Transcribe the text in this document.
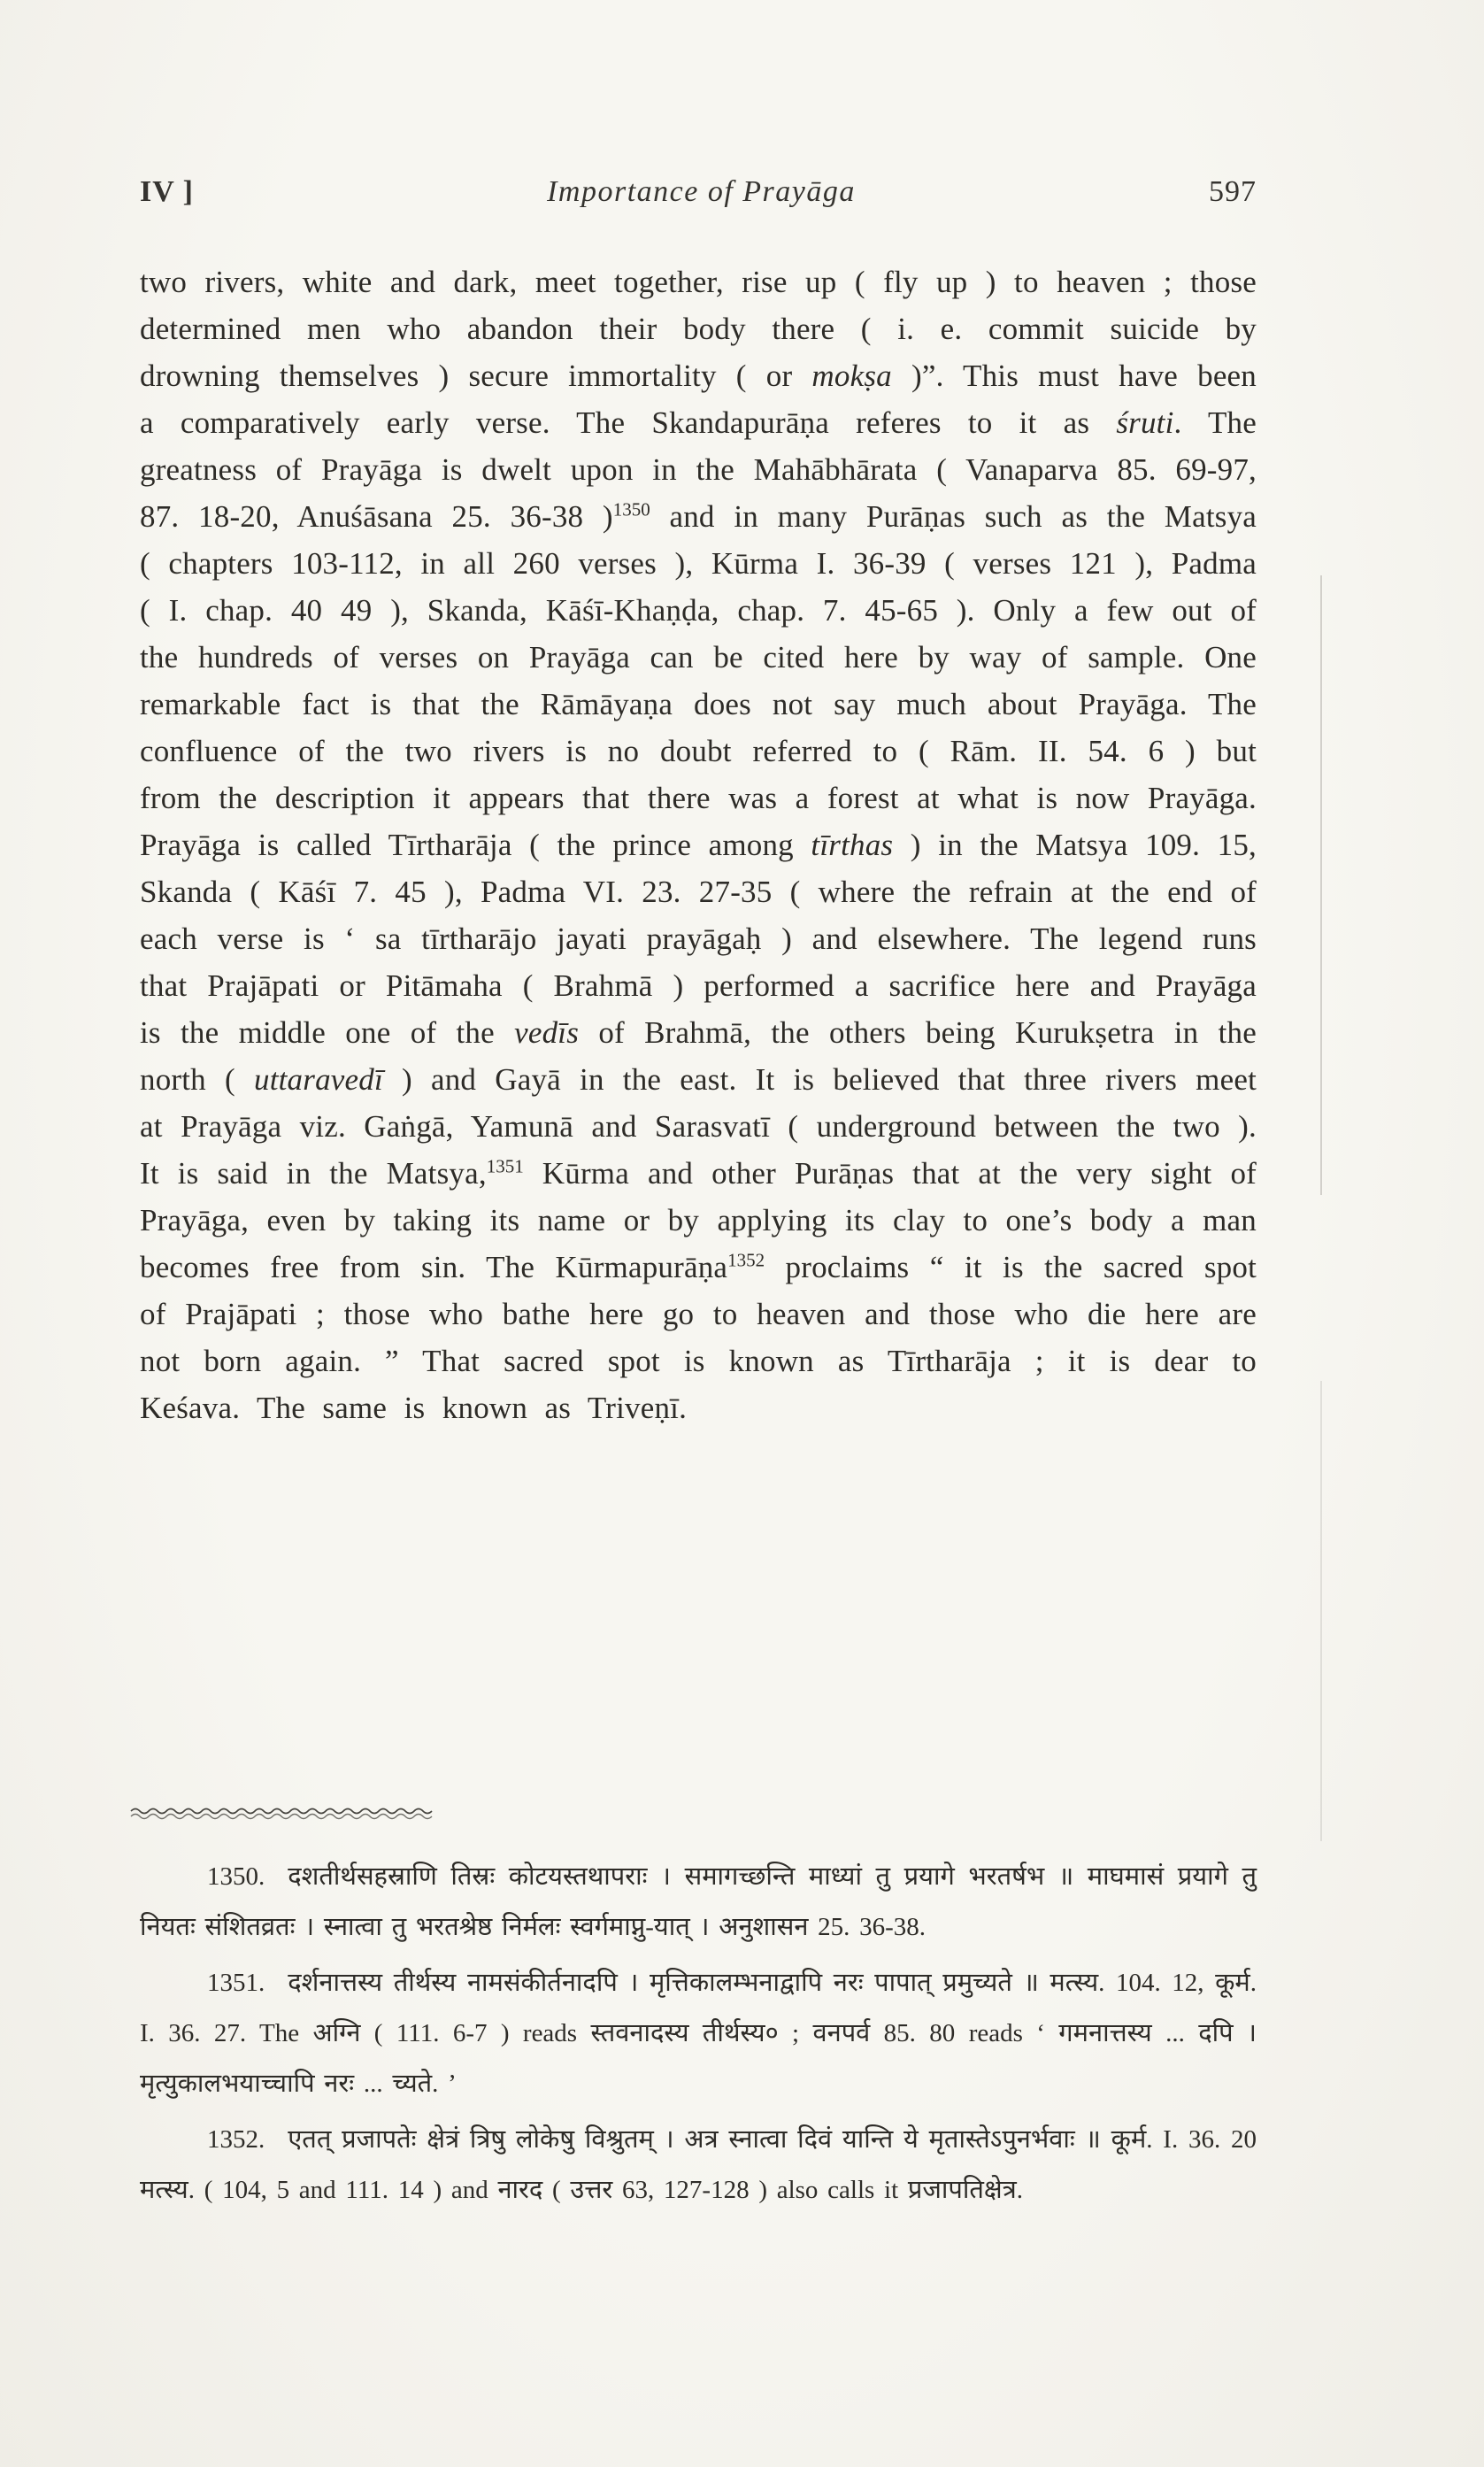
IV ]	Importance of Prayāga	597
two rivers, white and dark, meet together, rise up ( fly up ) to heaven ; those determined men who abandon their body there ( i. e. commit suicide by drowning themselves ) secure immortality ( or mokṣa )”. This must have been a comparatively early verse. The Skandapurāṇa referes to it as śruti. The greatness of Prayāga is dwelt upon in the Mahābhārata ( Vanaparva 85. 69-97, 87. 18-20, Anuśāsana 25. 36-38 )$^{1350}$ and in many Purāṇas such as the Matsya ( chapters 103-112, in all 260 verses ), Kūrma I. 36-39 ( verses 121 ), Padma ( I. chap. 40 49 ), Skanda, Kāśī-Khaṇḍa, chap. 7. 45-65 ). Only a few out of the hundreds of verses on Prayāga can be cited here by way of sample. One remarkable fact is that the Rāmāyaṇa does not say much about Prayāga. The confluence of the two rivers is no doubt referred to ( Rām. II. 54. 6 ) but from the description it appears that there was a forest at what is now Prayāga. Prayāga is called Tīrtharāja ( the prince among tīrthas ) in the Matsya 109. 15, Skanda ( Kāśī 7. 45 ), Padma VI. 23. 27-35 ( where the refrain at the end of each verse is ‘ sa tīrtharājo jayati prayāgaḥ ) and elsewhere. The legend runs that Prajāpati or Pitāmaha ( Brahmā ) performed a sacrifice here and Prayāga is the middle one of the vedīs of Brahmā, the others being Kurukṣetra in the north ( uttaravedī ) and Gayā in the east. It is believed that three rivers meet at Prayāga viz. Gaṅgā, Yamunā and Sarasvatī ( underground between the two ). It is said in the Matsya,$^{1351}$ Kūrma and other Purāṇas that at the very sight of Prayāga, even by taking its name or by applying its clay to one’s body a man becomes free from sin. The Kūrmapurāṇa$^{1352}$ proclaims “ it is the sacred spot of Prajāpati ; those who bathe here go to heaven and those who die here are not born again. ” That sacred spot is known as Tīrtharāja ; it is dear to Keśava. The same is known as Triveṇī.

1350. दशतीर्थसहस्राणि तिस्रः कोटयस्तथापराः । समागच्छन्ति माध्यां तु प्रयागे भरतर्षभ ॥ माघमासं प्रयागे तु नियतः संशितव्रतः । स्नात्वा तु भरतश्रेष्ठ निर्मलः स्वर्गमाप्नु-यात् । अनुशासन 25. 36-38.

1351. दर्शनात्तस्य तीर्थस्य नामसंकीर्तनादपि । मृत्तिकालम्भनाद्वापि नरः पापात् प्रमुच्यते ॥ मत्स्य. 104. 12, कूर्म. I. 36. 27. The अग्नि ( 111. 6-7 ) reads स्तवनादस्य तीर्थस्य० ; वनपर्व 85. 80 reads ‘ गमनात्तस्य ... दपि । मृत्युकालभयाच्चापि नरः ... च्यते. ’

1352. एतत् प्रजापतेः क्षेत्रं त्रिषु लोकेषु विश्रुतम् । अत्र स्नात्वा दिवं यान्ति ये मृतास्तेऽपुनर्भवाः ॥ कूर्म. I. 36. 20 मत्स्य. ( 104, 5 and 111. 14 ) and नारद ( उत्तर 63, 127-128 ) also calls it प्रजापतिक्षेत्र.
